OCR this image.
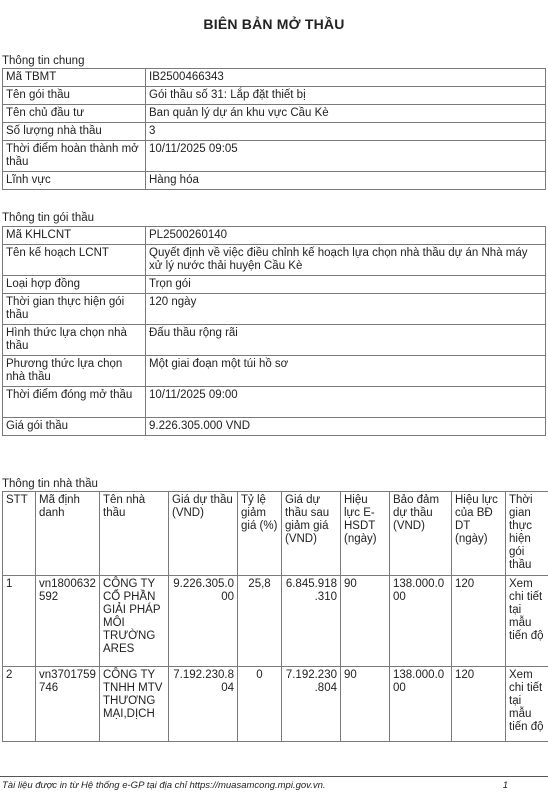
BIÊN BẢN MỞ THẦU
Thông tin chung
Mã TBMT	IB2500466343
Tên gói thầu	Gói thầu số 31: Lắp đặt thiết bị
Tên chủ đầu tư	Ban quản lý dự án khu vực Cầu Kè
Số lượng nhà thầu	3
Thời điểm hoàn thành mở thầu	10/11/2025 09:05
Lĩnh vực	Hàng hóa
Thông tin gói thầu
Mã KHLCNT	PL2500260140
Tên kế hoạch LCNT	Quyết định về việc điều chỉnh kế hoạch lựa chọn nhà thầu dự án Nhà máy xử lý nước thải huyện Cầu Kè
Loại hợp đồng	Trọn gói
Thời gian thực hiện gói thầu	120 ngày
Hình thức lựa chọn nhà thầu	Đấu thầu rộng rãi
Phương thức lựa chọn nhà thầu	Một giai đoạn một túi hồ sơ
Thời điểm đóng mở thầu	10/11/2025 09:00
Giá gói thầu	9.226.305.000 VND
Thông tin nhà thầu
STT	Mã định danh	Tên nhà thầu	Giá dự thầu (VND)	Tỷ lệ giảm giá (%)	Giá dự thầu sau giảm giá (VND)	Hiệu lực E-HSDT (ngày)	Bảo đảm dự thầu (VND)	Hiệu lực của BĐ DT (ngày)	Thời gian thực hiện gói thầu
1	vn1800632592	CÔNG TY CỔ PHẦN GIẢI PHÁP MÔI TRƯỜNG ARES	9.226.305.000	25,8	6.845.918.310	90	138.000.000	120	Xem chi tiết tại mẫu tiến độ
2	vn3701759746	CÔNG TY TNHH MTV THƯƠNG MẠI,DỊCH	7.192.230.804	0	7.192.230.804	90	138.000.000	120	Xem chi tiết tại mẫu tiến độ
Tài liệu được in từ Hệ thống e-GP tại địa chỉ https://muasamcong.mpi.gov.vn.	1
